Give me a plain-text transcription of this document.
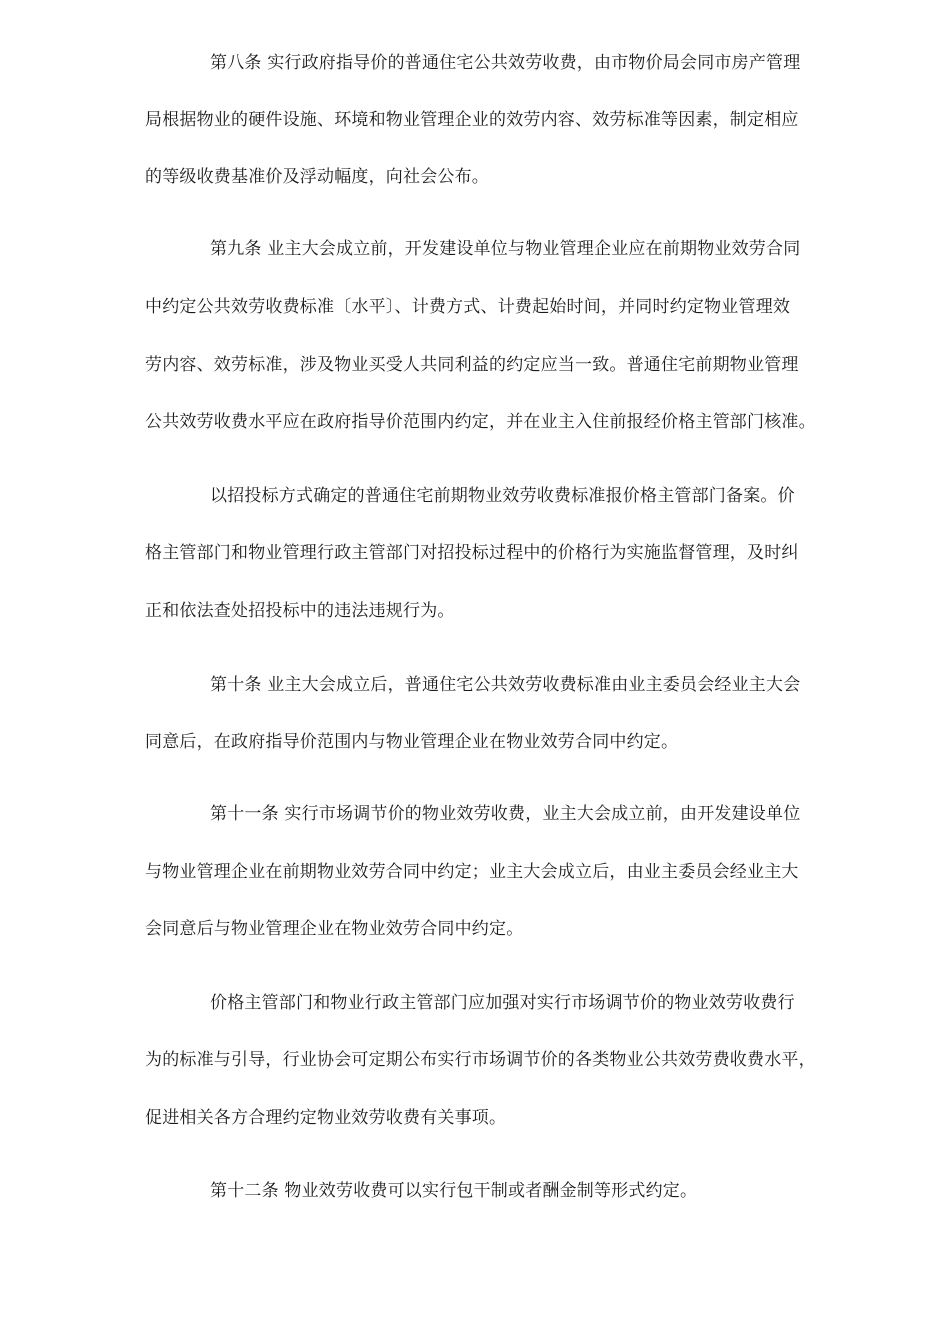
第八条 实行政府指导价的普通住宅公共效劳收费，由市物价局会同市房产管理
局根据物业的硬件设施、环境和物业管理企业的效劳内容、效劳标准等因素，制定相应
的等级收费基准价及浮动幅度，向社会公布。
第九条 业主大会成立前，开发建设单位与物业管理企业应在前期物业效劳合同
中约定公共效劳收费标准〔水平〕、计费方式、计费起始时间，并同时约定物业管理效
劳内容、效劳标准，涉及物业买受人共同利益的约定应当一致。普通住宅前期物业管理
公共效劳收费水平应在政府指导价范围内约定，并在业主入住前报经价格主管部门核准。
以招投标方式确定的普通住宅前期物业效劳收费标准报价格主管部门备案。价
格主管部门和物业管理行政主管部门对招投标过程中的价格行为实施监督管理，及时纠
正和依法查处招投标中的违法违规行为。
第十条 业主大会成立后，普通住宅公共效劳收费标准由业主委员会经业主大会
同意后，在政府指导价范围内与物业管理企业在物业效劳合同中约定。
第十一条 实行市场调节价的物业效劳收费，业主大会成立前，由开发建设单位
与物业管理企业在前期物业效劳合同中约定；业主大会成立后，由业主委员会经业主大
会同意后与物业管理企业在物业效劳合同中约定。
价格主管部门和物业行政主管部门应加强对实行市场调节价的物业效劳收费行
为的标准与引导，行业协会可定期公布实行市场调节价的各类物业公共效劳费收费水平，
促进相关各方合理约定物业效劳收费有关事项。
第十二条 物业效劳收费可以实行包干制或者酬金制等形式约定。
